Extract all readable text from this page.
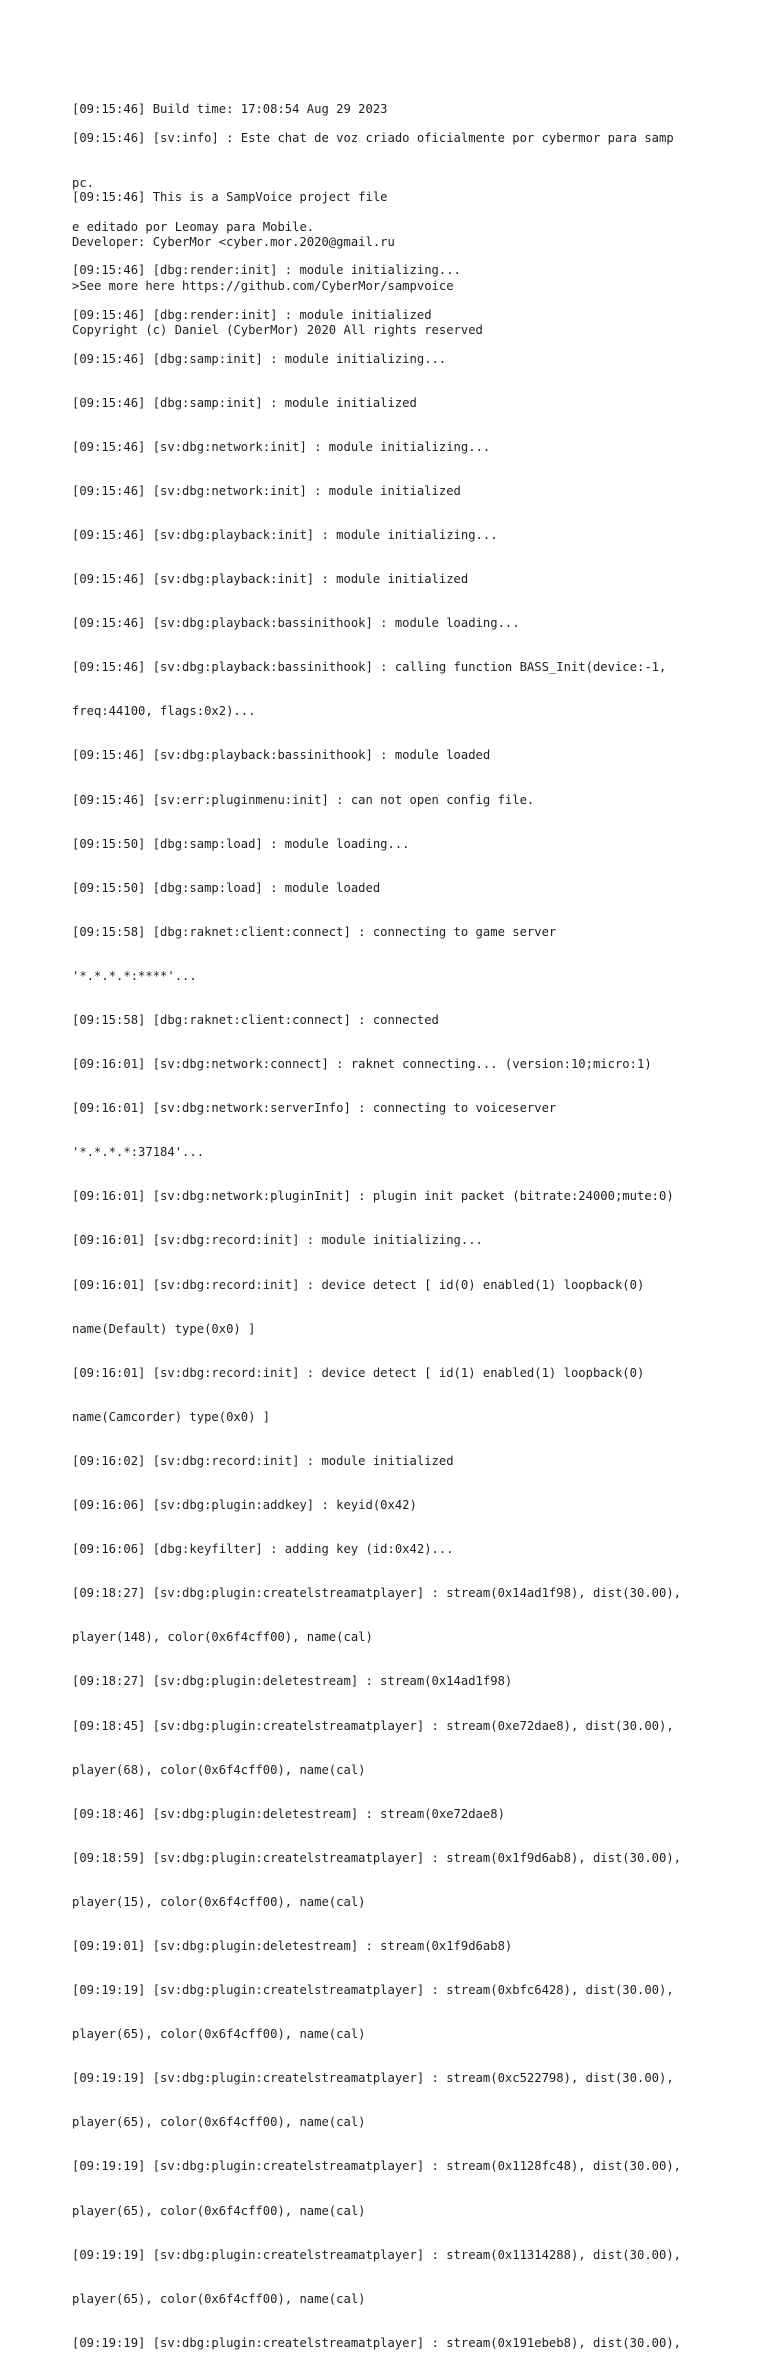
[09:15:46] Build time: 17:08:54 Aug 29 2023

[09:15:46] [sv:info] : Este chat de voz criado oficialmente por cybermor para samp

pc.

e editado por Leomay para Mobile.

[09:15:46] This is a SampVoice project file

Developer: CyberMor <cyber.mor.2020@gmail.ru

>See more here https://github.com/CyberMor/sampvoice

Copyright (c) Daniel (CyberMor) 2020 All rights reserved

[09:15:46] [dbg:render:init] : module initializing...

[09:15:46] [dbg:render:init] : module initialized

[09:15:46] [dbg:samp:init] : module initializing...

[09:15:46] [dbg:samp:init] : module initialized

[09:15:46] [sv:dbg:network:init] : module initializing...

[09:15:46] [sv:dbg:network:init] : module initialized

[09:15:46] [sv:dbg:playback:init] : module initializing...

[09:15:46] [sv:dbg:playback:init] : module initialized

[09:15:46] [sv:dbg:playback:bassinithook] : module loading...

[09:15:46] [sv:dbg:playback:bassinithook] : calling function BASS_Init(device:-1,

freq:44100, flags:0x2)...

[09:15:46] [sv:dbg:playback:bassinithook] : module loaded

[09:15:46] [sv:err:pluginmenu:init] : can not open config file.

[09:15:50] [dbg:samp:load] : module loading...

[09:15:50] [dbg:samp:load] : module loaded

[09:15:58] [dbg:raknet:client:connect] : connecting to game server

'*.*.*.*:****'...

[09:15:58] [dbg:raknet:client:connect] : connected

[09:16:01] [sv:dbg:network:connect] : raknet connecting... (version:10;micro:1)

[09:16:01] [sv:dbg:network:serverInfo] : connecting to voiceserver

'*.*.*.*:37184'...

[09:16:01] [sv:dbg:network:pluginInit] : plugin init packet (bitrate:24000;mute:0)

[09:16:01] [sv:dbg:record:init] : module initializing...

[09:16:01] [sv:dbg:record:init] : device detect [ id(0) enabled(1) loopback(0)

name(Default) type(0x0) ]

[09:16:01] [sv:dbg:record:init] : device detect [ id(1) enabled(1) loopback(0)

name(Camcorder) type(0x0) ]

[09:16:02] [sv:dbg:record:init] : module initialized

[09:16:06] [sv:dbg:plugin:addkey] : keyid(0x42)

[09:16:06] [dbg:keyfilter] : adding key (id:0x42)...

[09:18:27] [sv:dbg:plugin:createlstreamatplayer] : stream(0x14ad1f98), dist(30.00),

player(148), color(0x6f4cff00), name(cal)

[09:18:27] [sv:dbg:plugin:deletestream] : stream(0x14ad1f98)

[09:18:45] [sv:dbg:plugin:createlstreamatplayer] : stream(0xe72dae8), dist(30.00),

player(68), color(0x6f4cff00), name(cal)

[09:18:46] [sv:dbg:plugin:deletestream] : stream(0xe72dae8)

[09:18:59] [sv:dbg:plugin:createlstreamatplayer] : stream(0x1f9d6ab8), dist(30.00),

player(15), color(0x6f4cff00), name(cal)

[09:19:01] [sv:dbg:plugin:deletestream] : stream(0x1f9d6ab8)

[09:19:19] [sv:dbg:plugin:createlstreamatplayer] : stream(0xbfc6428), dist(30.00),

player(65), color(0x6f4cff00), name(cal)

[09:19:19] [sv:dbg:plugin:createlstreamatplayer] : stream(0xc522798), dist(30.00),

player(65), color(0x6f4cff00), name(cal)

[09:19:19] [sv:dbg:plugin:createlstreamatplayer] : stream(0x1128fc48), dist(30.00),

player(65), color(0x6f4cff00), name(cal)

[09:19:19] [sv:dbg:plugin:createlstreamatplayer] : stream(0x11314288), dist(30.00),

player(65), color(0x6f4cff00), name(cal)

[09:19:19] [sv:dbg:plugin:createlstreamatplayer] : stream(0x191ebeb8), dist(30.00),
